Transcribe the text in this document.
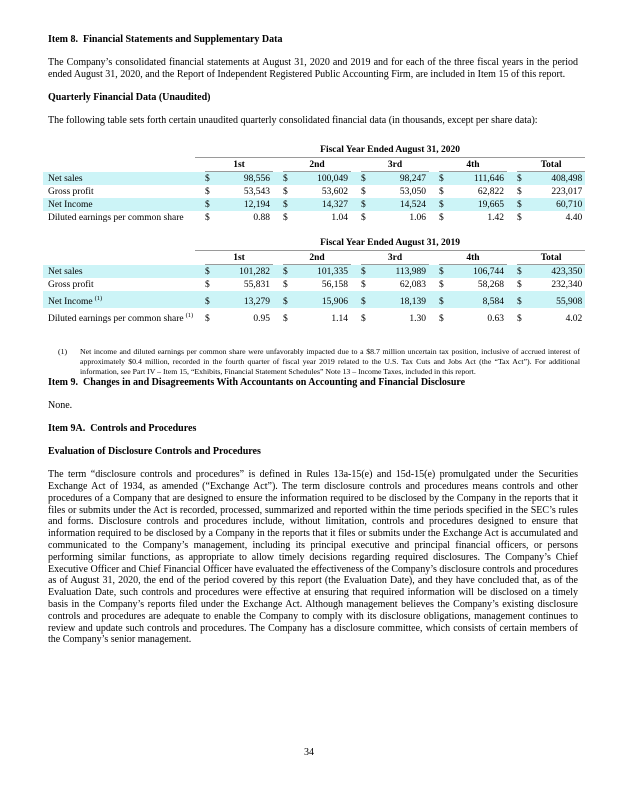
Item 8.  Financial Statements and Supplementary Data

The Company’s consolidated financial statements at August 31, 2020 and 2019 and for each of the three fiscal years in the period ended August 31, 2020, and the Report of Independent Registered Public Accounting Firm, are included in Item 15 of this report.

Quarterly Financial Data (Unaudited)

The following table sets forth certain unaudited quarterly consolidated financial data (in thousands, except per share data):

	Fiscal Year Ended August 31, 2020														
		1st			2nd			3rd			4th			Total	
Net sales		$	98,556		$	100,049		$	98,247		$	111,646		$	408,498
Gross profit		$	53,543		$	53,602		$	53,050		$	62,822		$	223,017
Net Income		$	12,194		$	14,327		$	14,524		$	19,665		$	60,710
Diluted earnings per common share		$	0.88		$	1.04		$	1.06		$	1.42		$	4.40
	Fiscal Year Ended August 31, 2019														
		1st			2nd			3rd			4th			Total	
Net sales		$	101,282		$	101,335		$	113,989		$	106,744		$	423,350
Gross profit		$	55,831		$	56,158		$	62,083		$	58,268		$	232,340
Net Income $^{(1)}$		$	13,279		$	15,906		$	18,139		$	8,584		$	55,908
Diluted earnings per common share $^{(1)}$		$	0.95		$	1.14		$	1.30		$	0.63		$	4.02
(1)	Net income and diluted earnings per common share were unfavorably impacted due to a $8.7 million uncertain tax position, inclusive of accrued interest of approximately $0.4 million, recorded in the fourth quarter of fiscal year 2019 related to the U.S. Tax Cuts and Jobs Act (the “Tax Act”). For additional information, see Part IV – Item 15, “Exhibits, Financial Statement Schedules” Note 13 – Income Taxes, included in this report.
Item 9.  Changes in and Disagreements With Accountants on Accounting and Financial Disclosure

None.

Item 9A.  Controls and Procedures
Evaluation of Disclosure Controls and Procedures

The term “disclosure controls and procedures” is defined in Rules 13a-15(e) and 15d-15(e) promulgated under the Securities Exchange Act of 1934, as amended (“Exchange Act”). The term disclosure controls and procedures means controls and other procedures of a Company that are designed to ensure the information required to be disclosed by the Company in the reports that it files or submits under the Act is recorded, processed, summarized and reported within the time periods specified in the SEC’s rules and forms. Disclosure controls and procedures include, without limitation, controls and procedures designed to ensure that information required to be disclosed by a Company in the reports that it files or submits under the Exchange Act is accumulated and communicated to the Company’s management, including its principal executive and principal financial officers, or persons performing similar functions, as appropriate to allow timely decisions regarding required disclosures. The Company’s Chief Executive Officer and Chief Financial Officer have evaluated the effectiveness of the Company’s disclosure controls and procedures as of August 31, 2020, the end of the period covered by this report (the Evaluation Date), and they have concluded that, as of the Evaluation Date, such controls and procedures were effective at ensuring that required information will be disclosed on a timely basis in the Company’s reports filed under the Exchange Act. Although management believes the Company’s existing disclosure controls and procedures are adequate to enable the Company to comply with its disclosure obligations, management continues to review and update such controls and procedures. The Company has a disclosure committee, which consists of certain members of the Company’s senior management.

34
